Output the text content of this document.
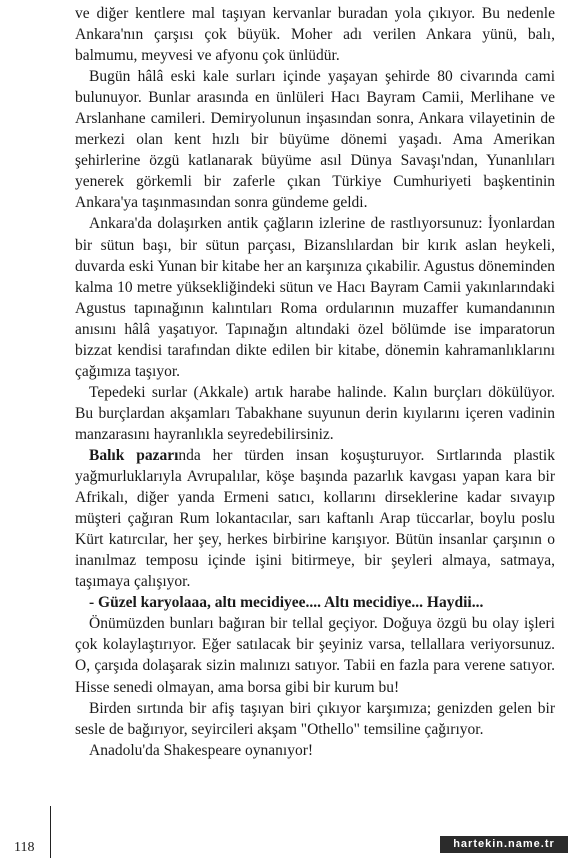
ve diğer kentlere mal taşıyan kervanlar buradan yola çıkıyor. Bu nedenle Ankara'nın çarşısı çok büyük. Moher adı verilen Ankara yünü, balı, balmumu, meyvesi ve afyonu çok ünlüdür.

Bugün hâlâ eski kale surları içinde yaşayan şehirde 80 civarında cami bulunuyor. Bunlar arasında en ünlüleri Hacı Bayram Camii, Merlihane ve Arslanhane camileri. Demiryolunun inşasından sonra, Ankara vilayetinin de merkezi olan kent hızlı bir büyüme dönemi yaşadı. Ama Amerikan şehirlerine özgü katlanarak büyüme asıl Dünya Savaşı'ndan, Yunanlıları yenerek görkemli bir zaferle çıkan Türkiye Cumhuriyeti başkentinin Ankara'ya taşınmasından sonra gündeme geldi.

Ankara'da dolaşırken antik çağların izlerine de rastlıyorsunuz: İyonlardan bir sütun başı, bir sütun parçası, Bizanslılardan bir kırık aslan heykeli, duvarda eski Yunan bir kitabe her an karşınıza çıkabilir. Agustus döneminden kalma 10 metre yüksekliğindeki sütun ve Hacı Bayram Camii yakınlarındaki Agustus tapınağının kalıntıları Roma ordularının muzaffer kumandanının anısını hâlâ yaşatıyor. Tapınağın altındaki özel bölümde ise imparatorun bizzat kendisi tarafından dikte edilen bir kitabe, dönemin kahramanlıklarını çağımıza taşıyor.

Tepedeki surlar (Akkale) artık harabe halinde. Kalın burçları dökülüyor. Bu burçlardan akşamları Tabakhane suyunun derin kıyılarını içeren vadinin manzarasını hayranlıkla seyredebilirsiniz.

Balık pazarında her türden insan koşuşturuyor. Sırtlarında plastik yağmurluklarıyla Avrupalılar, köşe başında pazarlık kavgası yapan kara bir Afrikalı, diğer yanda Ermeni satıcı, kollarını dirseklerine kadar sıvayıp müşteri çağıran Rum lokantacılar, sarı kaftanlı Arap tüccarlar, boylu poslu Kürt katırcılar, her şey, herkes birbirine karışıyor. Bütün insanlar çarşının o inanılmaz temposu içinde işini bitirmeye, bir şeyleri almaya, satmaya, taşımaya çalışıyor.

- Güzel karyolaaa, altı mecidiyee.... Altı mecidiye... Haydii...

Önümüzden bunları bağıran bir tellal geçiyor. Doğuya özgü bu olay işleri çok kolaylaştırıyor. Eğer satılacak bir şeyiniz varsa, tellallara veriyorsunuz. O, çarşıda dolaşarak sizin malınızı satıyor. Tabii en fazla para verene satıyor. Hisse senedi olmayan, ama borsa gibi bir kurum bu!

Birden sırtında bir afiş taşıyan biri çıkıyor karşımıza; genizden gelen bir sesle de bağırıyor, seyircileri akşam "Othello" temsiline çağırıyor.

Anadolu'da Shakespeare oynanıyor!

118	hartekin.name.tr
